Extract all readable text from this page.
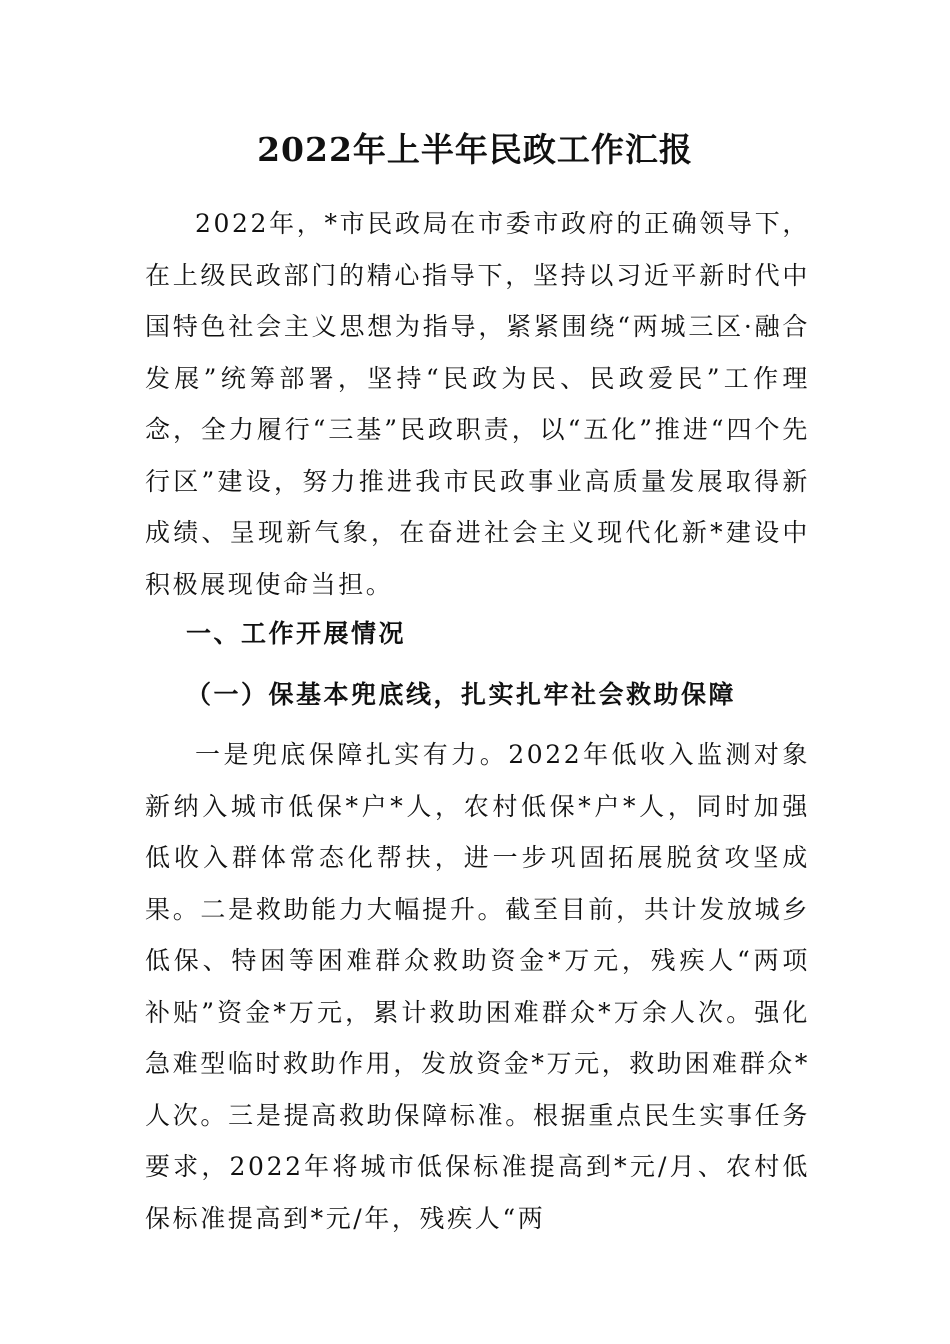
2022年上半年民政工作汇报

2022年，*市民政局在市委市政府的正确领导下，在上级民政部门的精心指导下，坚持以习近平新时代中国特色社会主义思想为指导，紧紧围绕“两城三区·融合发展”统筹部署，坚持“民政为民、民政爱民”工作理念，全力履行“三基”民政职责，以“五化”推进“四个先行区”建设，努力推进我市民政事业高质量发展取得新成绩、呈现新气象，在奋进社会主义现代化新*建设中积极展现使命当担。

一、工作开展情况
（一）保基本兜底线，扎实扎牢社会救助保障

一是兜底保障扎实有力。2022年低收入监测对象新纳入城市低保*户*人，农村低保*户*人，同时加强低收入群体常态化帮扶，进一步巩固拓展脱贫攻坚成果。二是救助能力大幅提升。截至目前，共计发放城乡低保、特困等困难群众救助资金*万元，残疾人“两项补贴”资金*万元，累计救助困难群众*万余人次。强化急难型临时救助作用，发放资金*万元，救助困难群众*人次。三是提高救助保障标准。根据重点民生实事任务要求，2022年将城市低保标准提高到*元/月、农村低保标准提高到*元/年，残疾人“两
